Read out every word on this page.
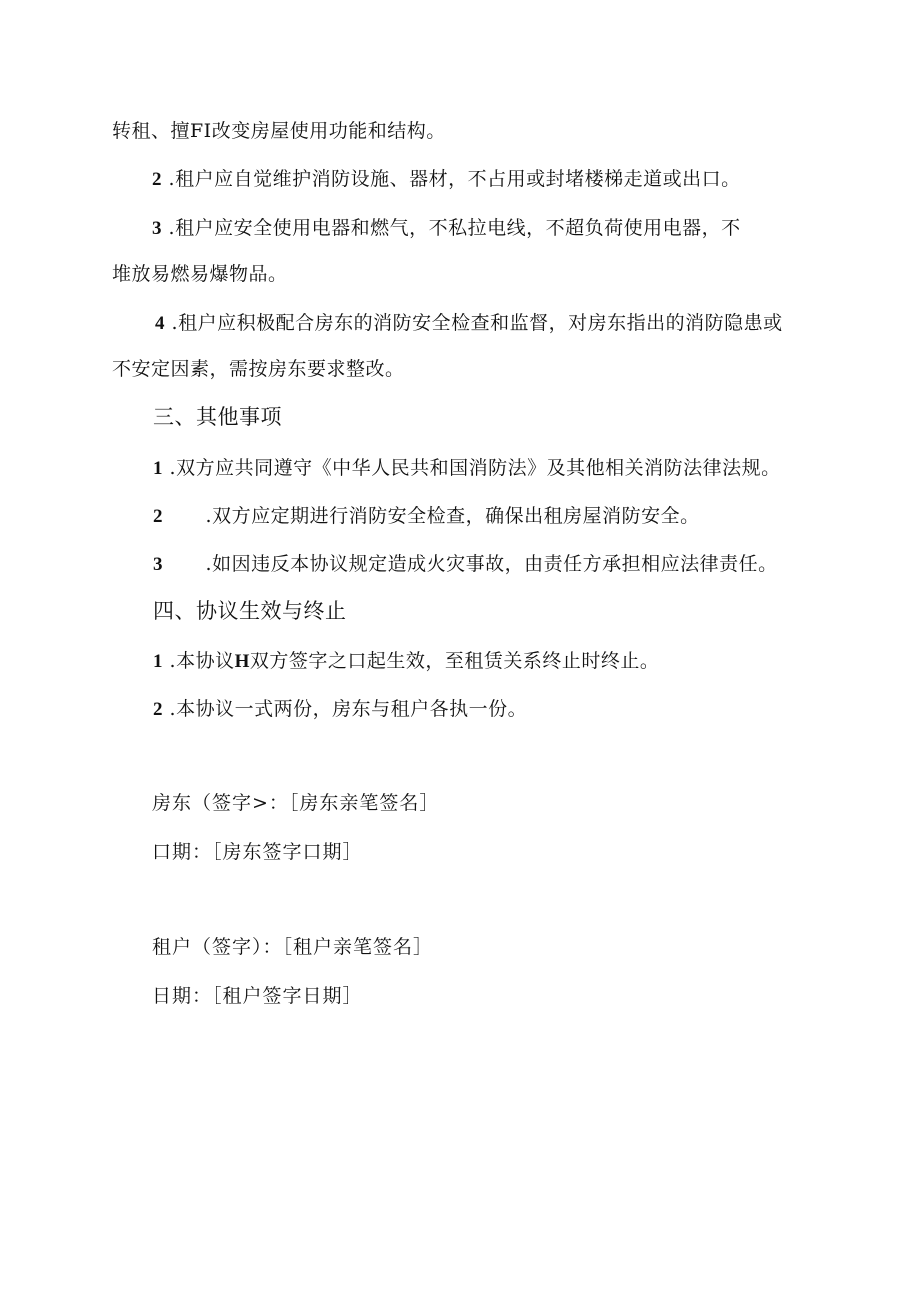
转租、擅FI改变房屋使用功能和结构。
2 .租户应自觉维护消防设施、器材，不占用或封堵楼梯走道或出口。
3 .租户应安全使用电器和燃气，不私拉电线，不超负荷使用电器，不
堆放易燃易爆物品。
4 .租户应积极配合房东的消防安全检查和监督，对房东指出的消防隐患或
不安定因素，需按房东要求整改。
三、其他事项
1 .双方应共同遵守《中华人民共和国消防法》及其他相关消防法律法规。
2 .双方应定期进行消防安全检查，确保出租房屋消防安全。
3 .如因违反本协议规定造成火灾事故，由责任方承担相应法律责任。
四、协议生效与终止
1 .本协议H双方签字之口起生效，至租赁关系终止时终止。
2 .本协议一式两份，房东与租户各执一份。
房东（签字>：［房东亲笔签名］
口期：［房东签字口期］
租户（签字）：［租户亲笔签名］
日期：［租户签字日期］
